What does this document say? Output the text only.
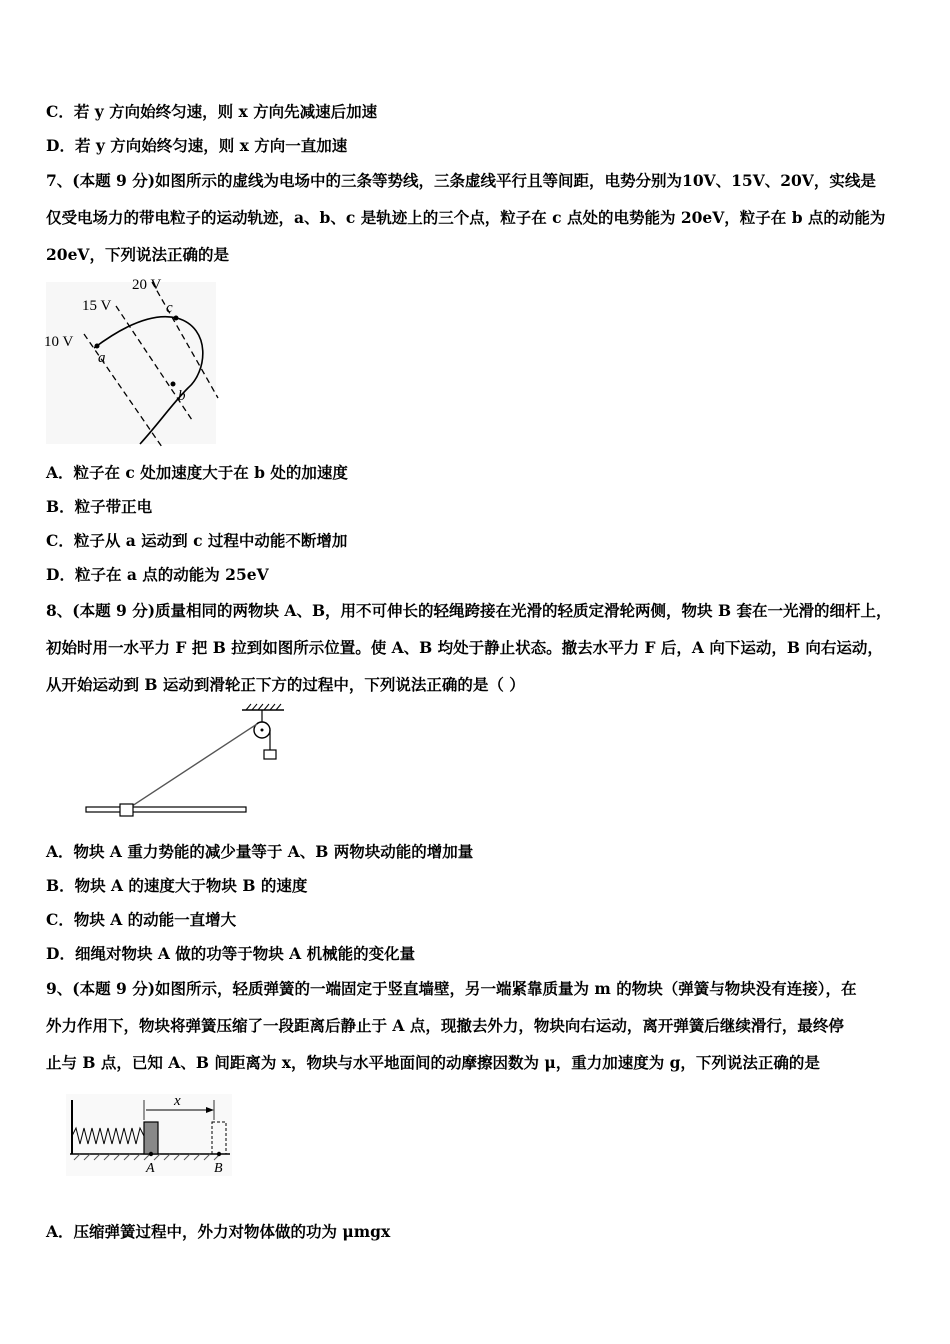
C．若 y 方向始终匀速，则 x 方向先减速后加速
D．若 y 方向始终匀速，则 x 方向一直加速
7、(本题 9 分)如图所示的虚线为电场中的三条等势线，三条虚线平行且等间距，电势分别为10V、15V、20V，实线是
仅受电场力的带电粒子的运动轨迹，a、b、c 是轨迹上的三个点，粒子在 c 点处的电势能为 20eV，粒子在 b 点的动能为
20eV，下列说法正确的是
10 V
15 V
20 V
a
c
b
A．粒子在 c 处加速度大于在 b 处的加速度
B．粒子带正电
C．粒子从 a 运动到 c 过程中动能不断增加
D．粒子在 a 点的动能为 25eV
8、(本题 9 分)质量相同的两物块 A、B，用不可伸长的轻绳跨接在光滑的轻质定滑轮两侧，物块 B 套在一光滑的细杆上，
初始时用一水平力 F 把 B 拉到如图所示位置。使 A、B 均处于静止状态。撤去水平力 F 后，A 向下运动，B 向右运动，
从开始运动到 B 运动到滑轮正下方的过程中，下列说法正确的是（ ）
A．物块 A 重力势能的减少量等于 A、B 两物块动能的增加量
B．物块 A 的速度大于物块 B 的速度
C．物块 A 的动能一直增大
D．细绳对物块 A 做的功等于物块 A 机械能的变化量
9、(本题 9 分)如图所示，轻质弹簧的一端固定于竖直墙壁，另一端紧靠质量为 m 的物块（弹簧与物块没有连接），在
外力作用下，物块将弹簧压缩了一段距离后静止于 A 点，现撤去外力，物块向右运动，离开弹簧后继续滑行，最终停
止与 B 点，已知 A、B 间距离为 x，物块与水平地面间的动摩擦因数为 μ，重力加速度为 g，下列说法正确的是
x
A	B
A．压缩弹簧过程中，外力对物体做的功为 μmgx
